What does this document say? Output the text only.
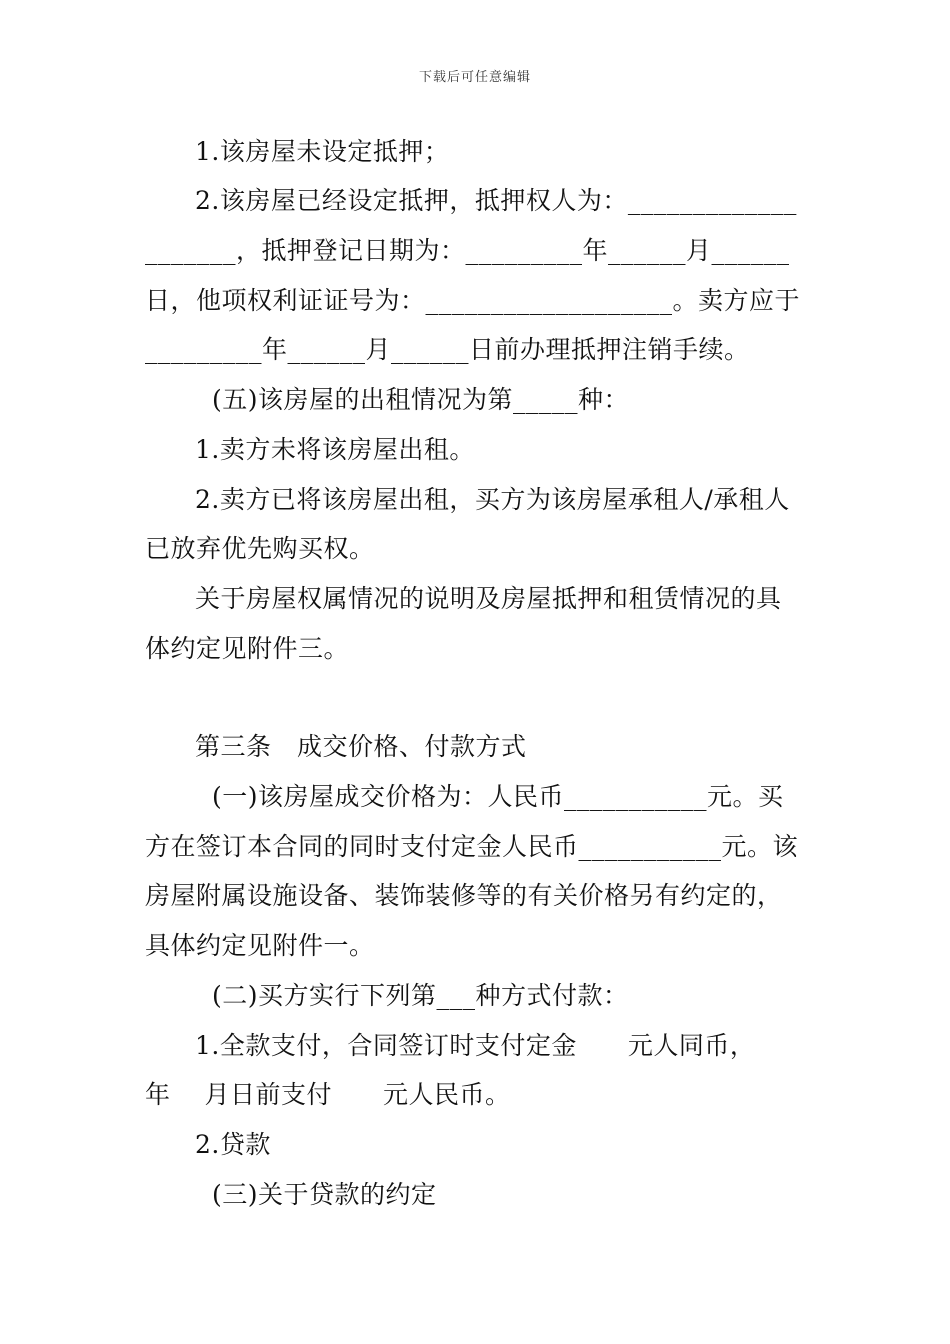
下载后可任意编辑
1.该房屋未设定抵押；
2.该房屋已经设定抵押，抵押权人为：_____________
_______，抵押登记日期为：_________年______月______
日，他项权利证证号为：___________________。卖方应于
_________年______月______日前办理抵押注销手续。
(五)该房屋的出租情况为第_____种：
1.卖方未将该房屋出租。
2.卖方已将该房屋出租，买方为该房屋承租人/承租人
已放弃优先购买权。
关于房屋权属情况的说明及房屋抵押和租赁情况的具
体约定见附件三。
第三条　成交价格、付款方式
(一)该房屋成交价格为：人民币___________元。买
方在签订本合同的同时支付定金人民币___________元。该
房屋附属设施设备、装饰装修等的有关价格另有约定的，
具体约定见附件一。
(二)买方实行下列第___种方式付款：
1.全款支付，合同签订时支付定金　　元人同币，
年　 月日前支付　　元人民币。
2.贷款
(三)关于贷款的约定
